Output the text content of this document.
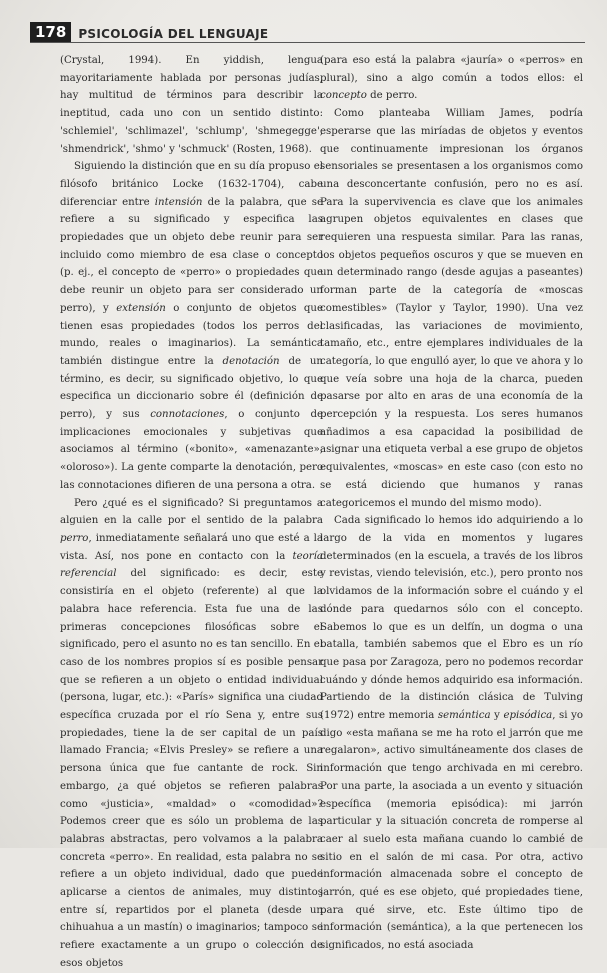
178	PSICOLOGÍA DEL LENGUAJE

(Crystal, 1994). En yiddish, lengua mayoritariamente hablada por personas judías, hay multitud de términos para describir la ineptitud, cada uno con un sentido distinto: 'schlemiel', 'schlimazel', 'schlump', 'shmegegge', 'shmendrick', 'shmo' y 'schmuck' (Rosten, 1968).

Siguiendo la distinción que en su día propuso el filósofo británico Locke (1632-1704), cabe diferenciar entre intensión de la palabra, que se refiere a su significado y especifica las propiedades que un objeto debe reunir para ser incluido como miembro de esa clase o concepto (p. ej., el concepto de «perro» o propiedades que debe reunir un objeto para ser considerado un perro), y extensión o conjunto de objetos que tienen esas propiedades (todos los perros del mundo, reales o imaginarios). La semántica también distingue entre la denotación de un término, es decir, su significado objetivo, lo que especifica un diccionario sobre él (definición de perro), y sus connotaciones, o conjunto de implicaciones emocionales y subjetivas que asociamos al término («bonito», «amenazante», «oloroso»). La gente comparte la denotación, pero las connotaciones difieren de una persona a otra.

Pero ¿qué es el significado? Si preguntamos a alguien en la calle por el sentido de la palabra perro, inmediatamente señalará uno que esté a la vista. Así, nos pone en contacto con la teoría referencial del significado: es decir, este consistiría en el objeto (referente) al que la palabra hace referencia. Esta fue una de las primeras concepciones filosóficas sobre el significado, pero el asunto no es tan sencillo. En el caso de los nombres propios sí es posible pensar que se refieren a un objeto o entidad individual (persona, lugar, etc.): «París» significa una ciudad específica cruzada por el río Sena y, entre sus propiedades, tiene la de ser capital de un país llamado Francia; «Elvis Presley» se refiere a una persona única que fue cantante de rock. Sin embargo, ¿a qué objetos se refieren palabras como «justicia», «maldad» o «comodidad»? Podemos creer que es sólo un problema de las palabras abstractas, pero volvamos a la palabra concreta «perro». En realidad, esta palabra no se refiere a un objeto individual, dado que puede aplicarse a cientos de animales, muy distintos entre sí, repartidos por el planeta (desde un chihuahua a un mastín) o imaginarios; tampoco se refiere exactamente a un grupo o colección de esos objetos

(para eso está la palabra «jauría» o «perros» en plural), sino a algo común a todos ellos: el concepto de perro.

Como planteaba William James, podría esperarse que las miríadas de objetos y eventos que continuamente impresionan los órganos sensoriales se presentasen a los organismos como una desconcertante confusión, pero no es así. Para la supervivencia es clave que los animales agrupen objetos equivalentes en clases que requieren una respuesta similar. Para las ranas, los objetos pequeños oscuros y que se mueven en un determinado rango (desde agujas a paseantes) forman parte de la categoría de «moscas comestibles» (Taylor y Taylor, 1990). Una vez clasificadas, las variaciones de movimiento, tamaño, etc., entre ejemplares individuales de la categoría, lo que engulló ayer, lo que ve ahora y lo que veía sobre una hoja de la charca, pueden pasarse por alto en aras de una economía de la percepción y la respuesta. Los seres humanos añadimos a esa capacidad la posibilidad de asignar una etiqueta verbal a ese grupo de objetos equivalentes, «moscas» en este caso (con esto no se está diciendo que humanos y ranas categoricemos el mundo del mismo modo).

Cada significado lo hemos ido adquiriendo a lo largo de la vida en momentos y lugares determinados (en la escuela, a través de los libros y revistas, viendo televisión, etc.), pero pronto nos olvidamos de la información sobre el cuándo y el dónde para quedarnos sólo con el concepto. Sabemos lo que es un delfín, un dogma o una batalla, también sabemos que el Ebro es un río que pasa por Zaragoza, pero no podemos recordar cuándo y dónde hemos adquirido esa información. Partiendo de la distinción clásica de Tulving (1972) entre memoria semántica y episódica, si yo digo «esta mañana se me ha roto el jarrón que me regalaron», activo simultáneamente dos clases de información que tengo archivada en mi cerebro. Por una parte, la asociada a un evento y situación específica (memoria episódica): mi jarrón particular y la situación concreta de romperse al caer al suelo esta mañana cuando lo cambié de sitio en el salón de mi casa. Por otra, activo información almacenada sobre el concepto de jarrón, qué es ese objeto, qué propiedades tiene, para qué sirve, etc. Este último tipo de información (semántica), a la que pertenecen los significados, no está asociada
